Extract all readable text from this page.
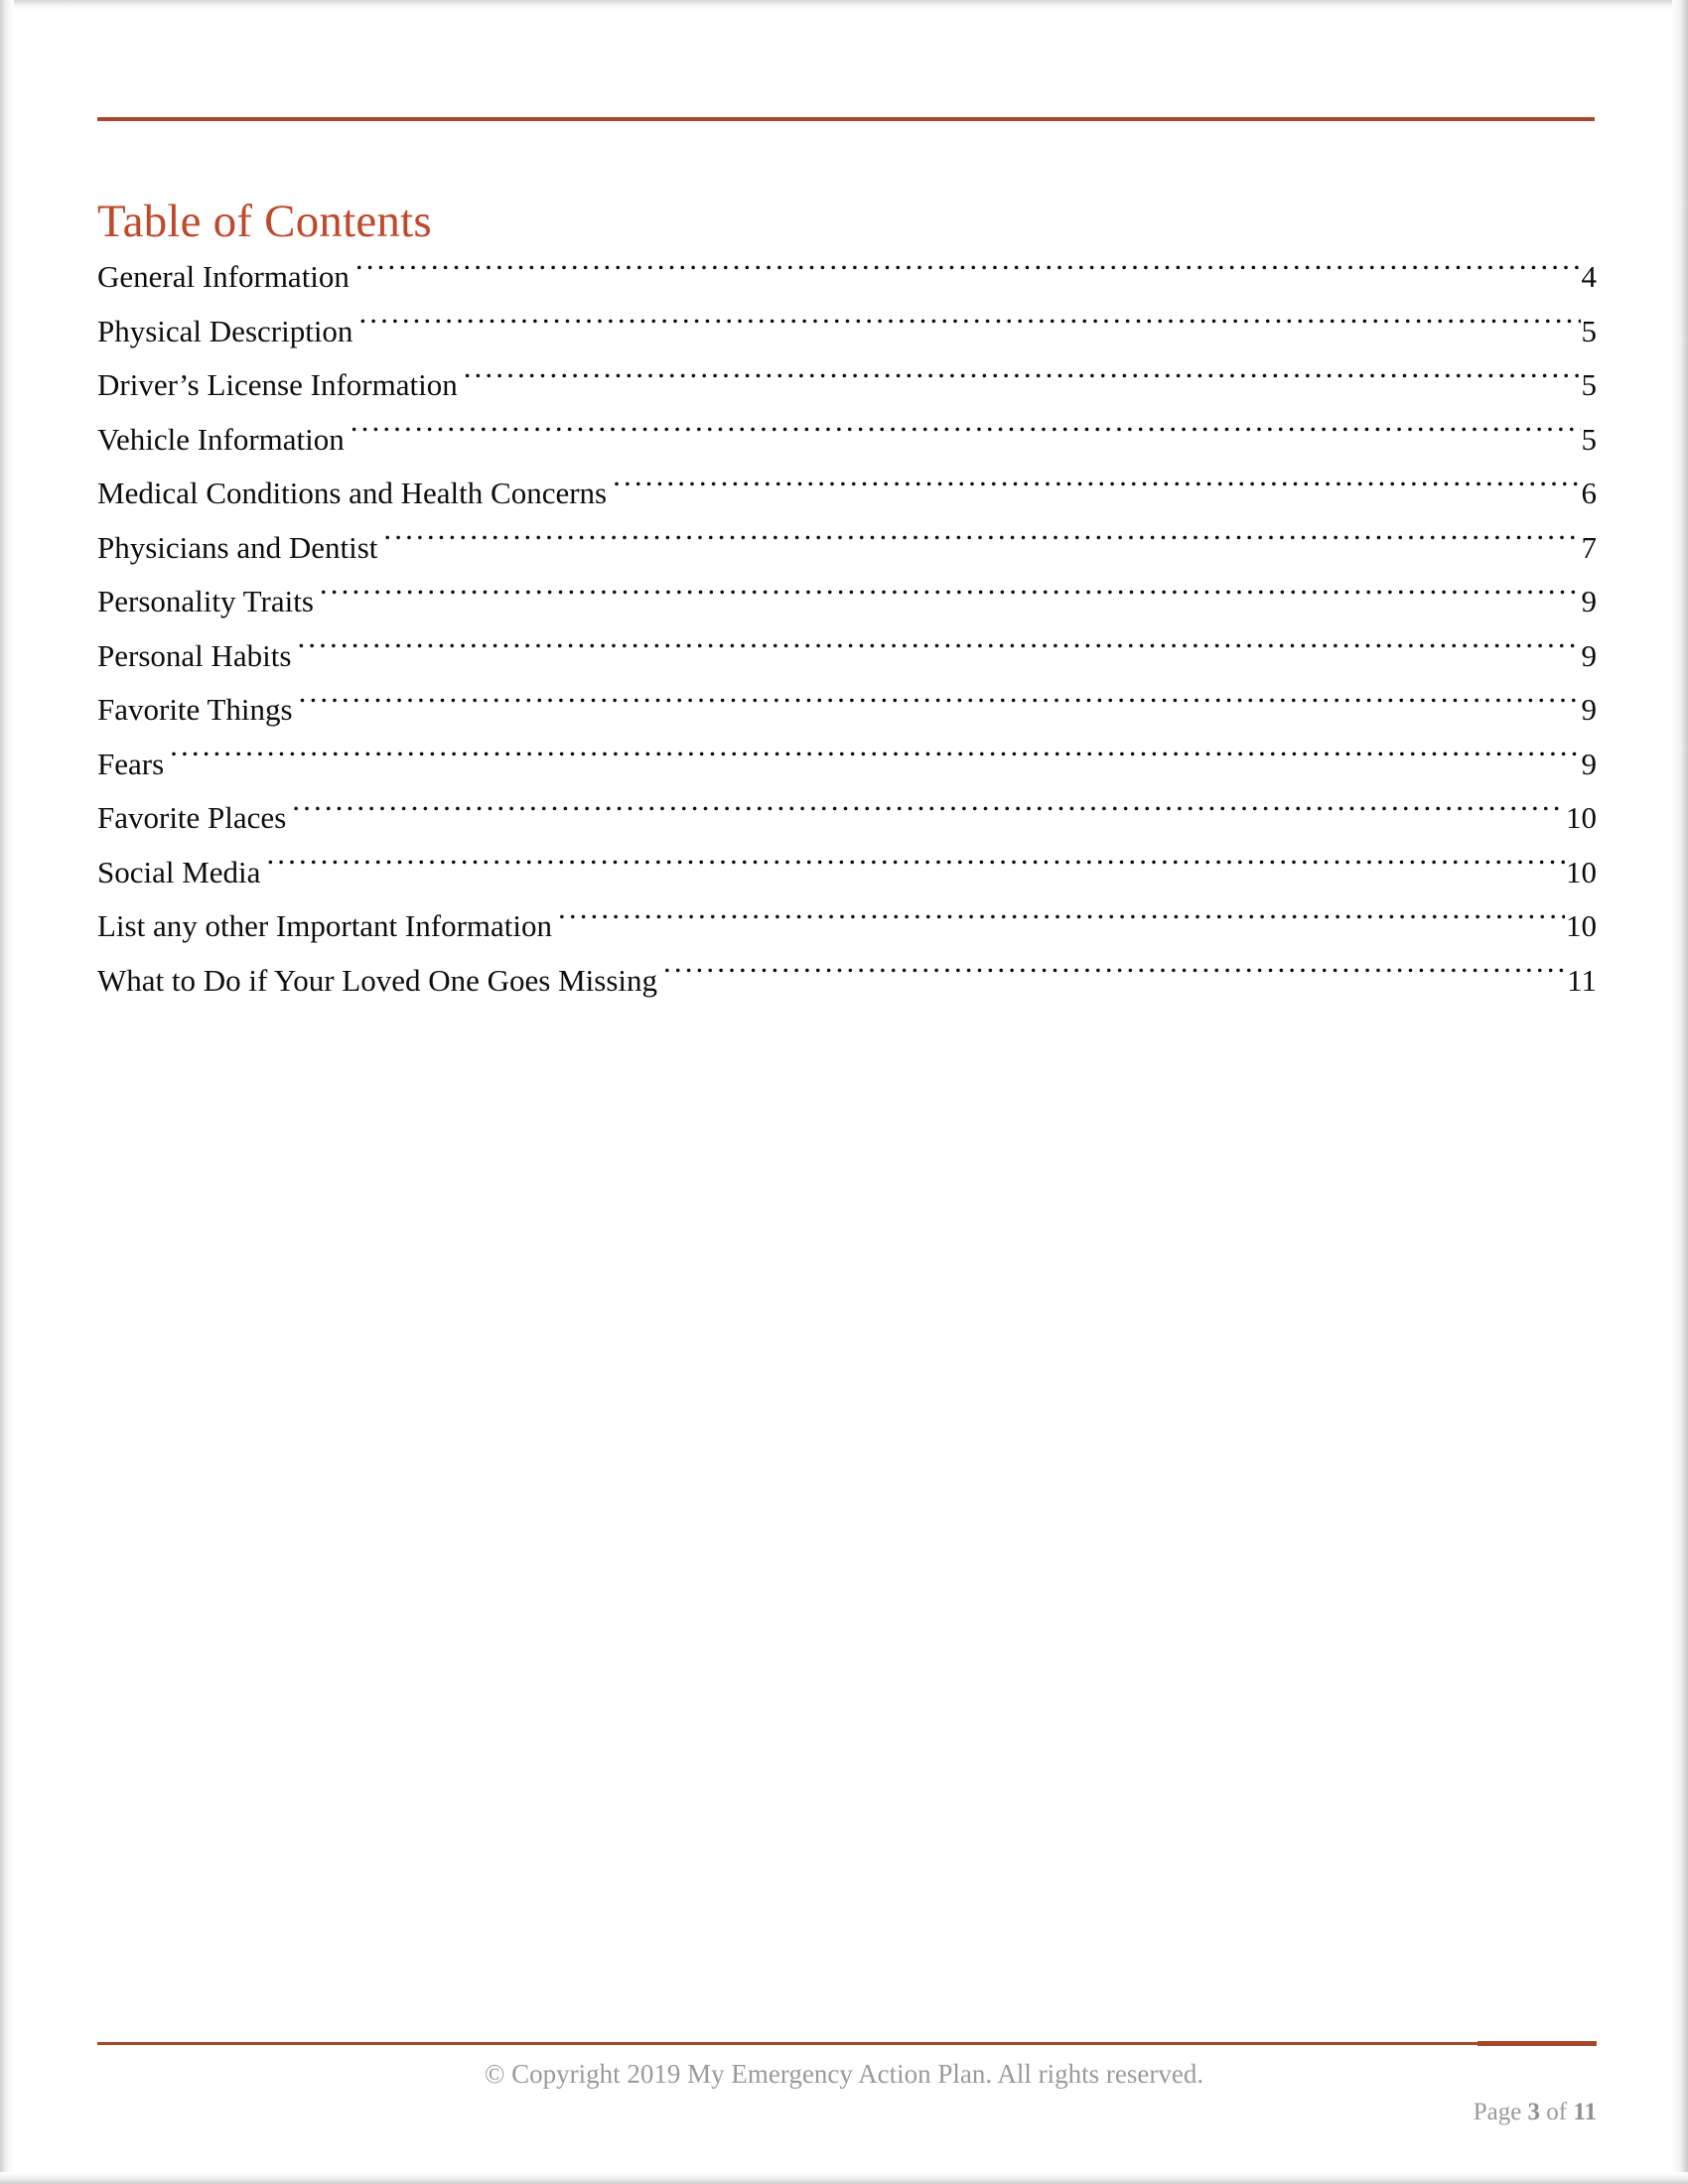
Table of Contents
General Information .....	4
Physical Description .....	5
Driver’s License Information .....	5
Vehicle Information .....	5
Medical Conditions and Health Concerns .....	6
Physicians and Dentist .....	7
Personality Traits .....	9
Personal Habits .....	9
Favorite Things .....	9
Fears .....	9
Favorite Places .....	10
Social Media .....	10
List any other Important Information .....	10
What to Do if Your Loved One Goes Missing .....	11
© Copyright 2019 My Emergency Action Plan. All rights reserved.
Page 3 of 11
